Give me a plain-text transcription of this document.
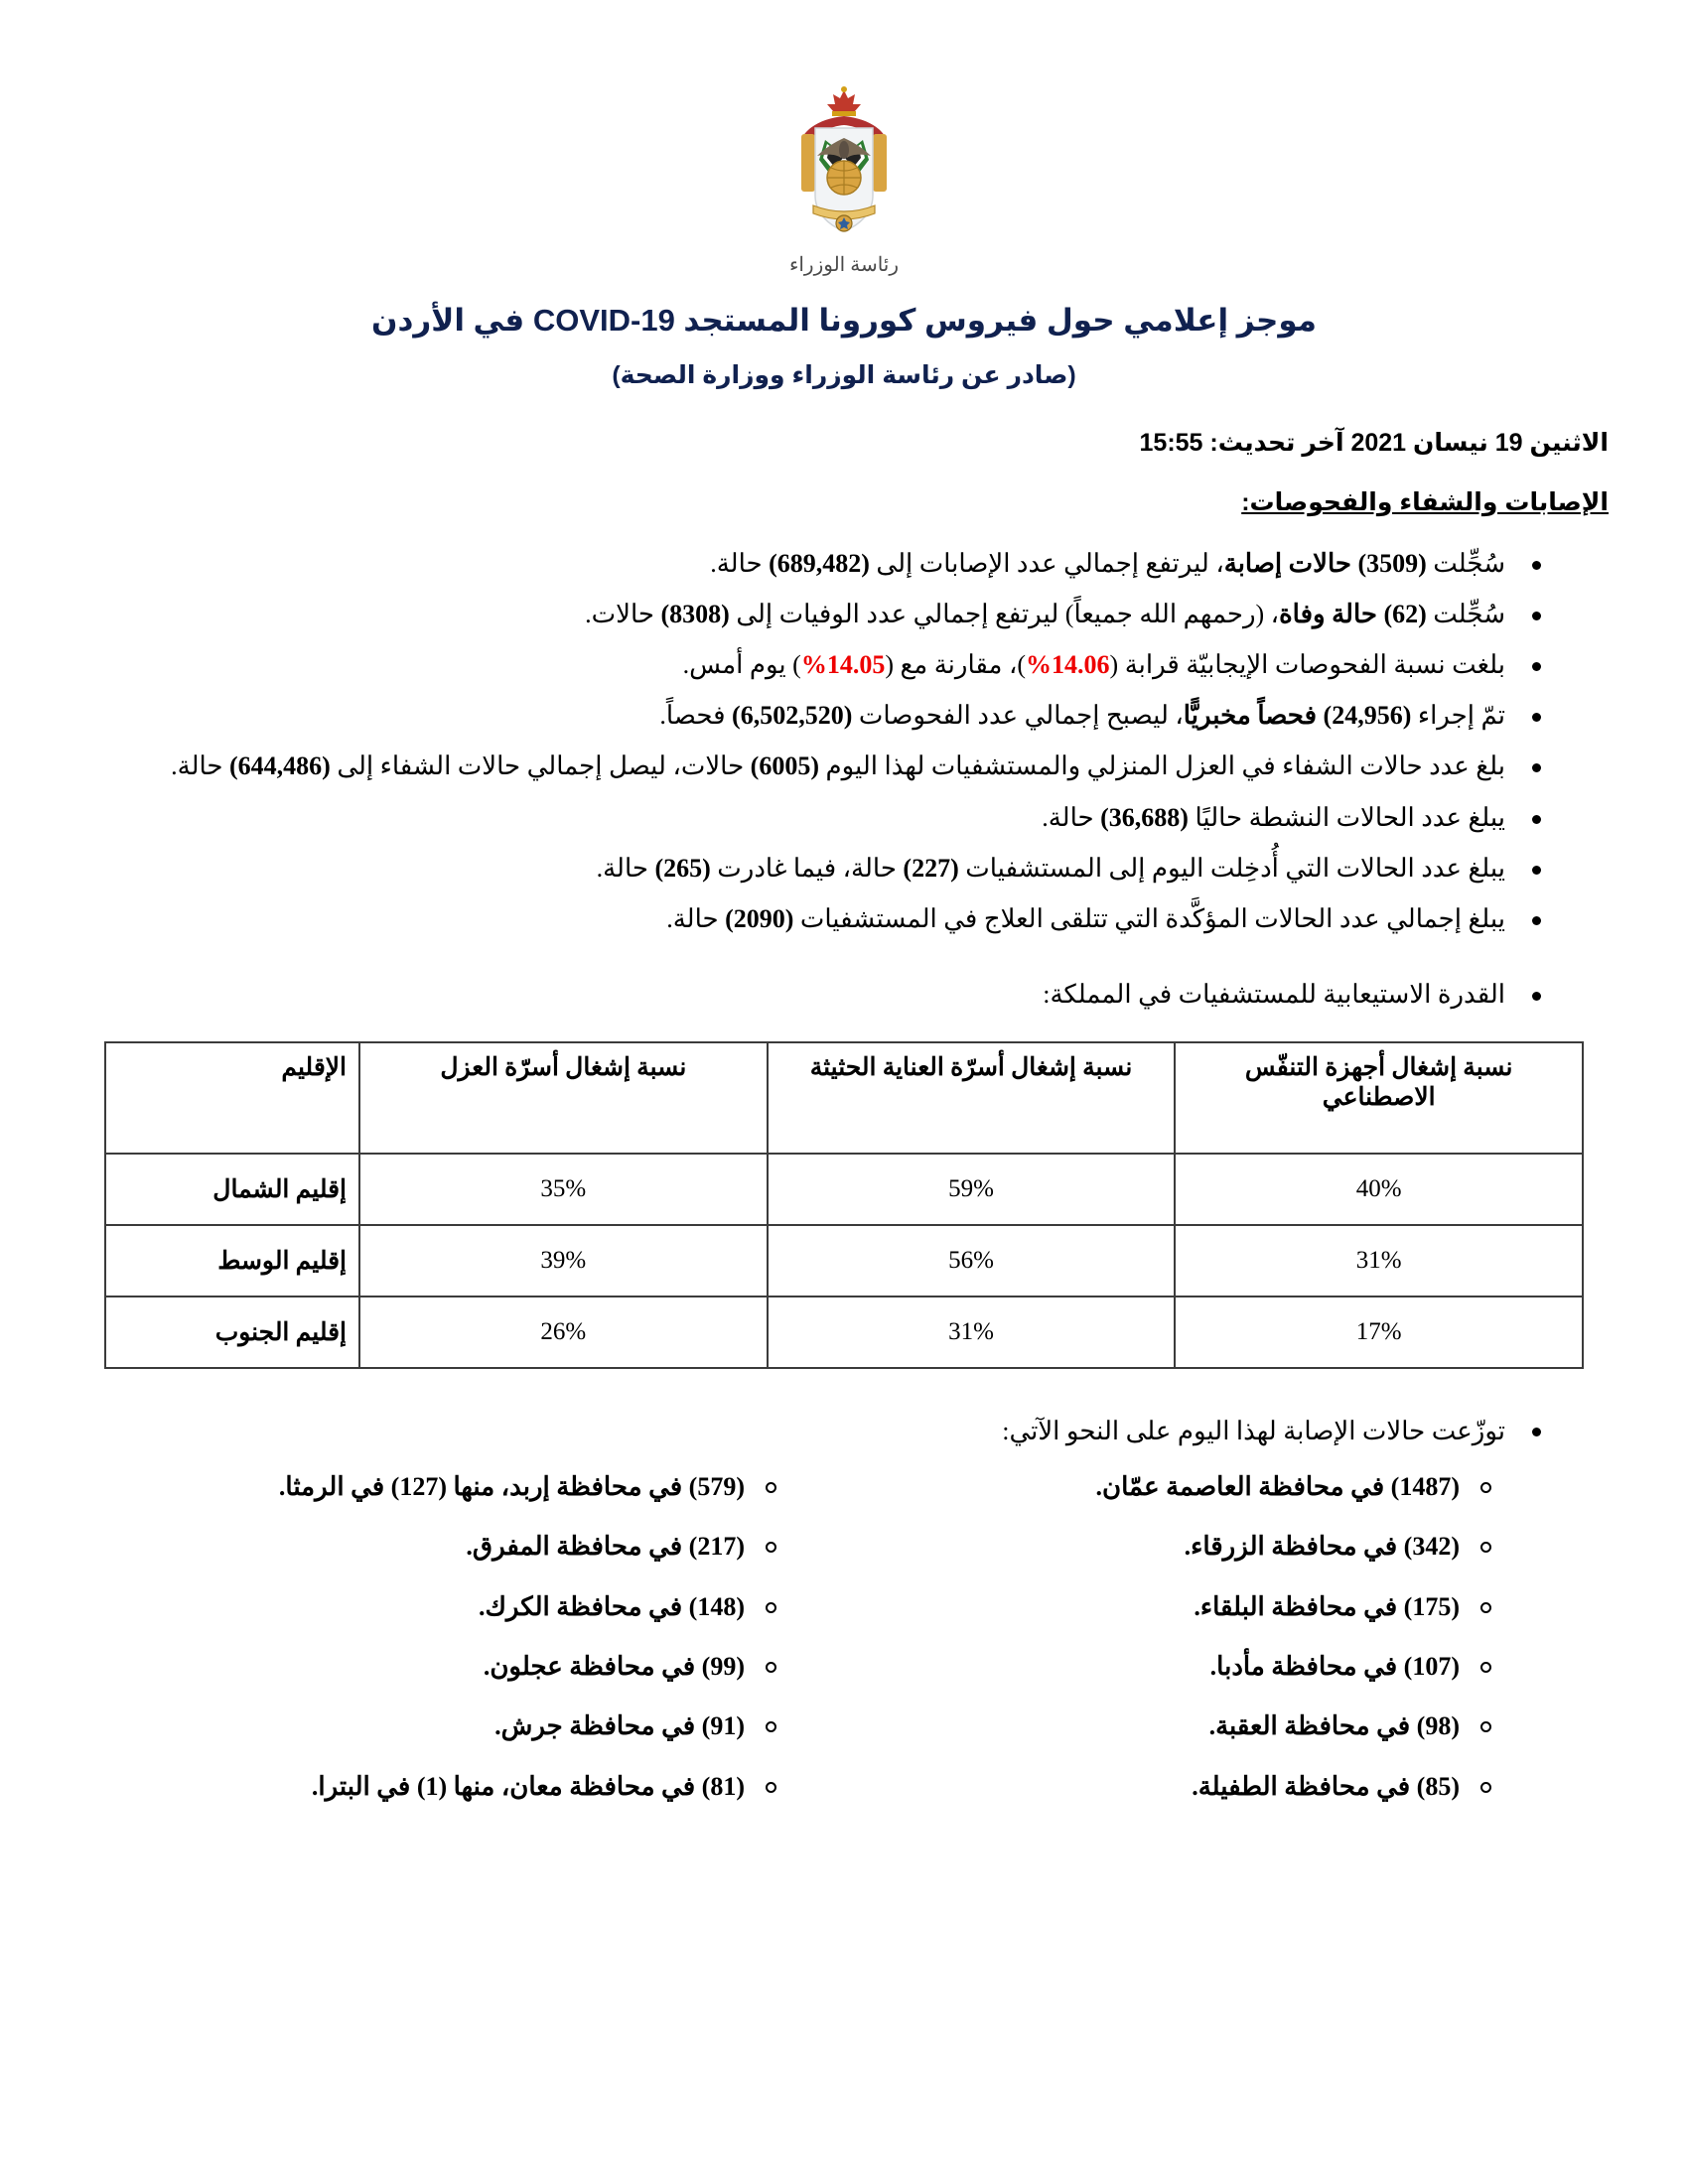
رئاسة الوزراء
موجز إعلامي حول فيروس كورونا المستجد COVID-19 في الأردن
(صادر عن رئاسة الوزراء ووزارة الصحة)
الاثنين 19 نيسان 2021 آخر تحديث: 15:55
الإصابات والشفاء والفحوصات:
سُجِّلت (3509) حالات إصابة، ليرتفع إجمالي عدد الإصابات إلى (689,482) حالة.
سُجِّلت (62) حالة وفاة، (رحمهم الله جميعاً) ليرتفع إجمالي عدد الوفيات إلى (8308) حالات.
بلغت نسبة الفحوصات الإيجابيّة قرابة (14.06%)، مقارنة مع (14.05%) يوم أمس.
تمّ إجراء (24,956) فحصاً مخبريًّا، ليصبح إجمالي عدد الفحوصات (6,502,520) فحصاً.
بلغ عدد حالات الشفاء في العزل المنزلي والمستشفيات لهذا اليوم (6005) حالات، ليصل إجمالي حالات الشفاء إلى (644,486) حالة.
يبلغ عدد الحالات النشطة حاليًا (36,688) حالة.
يبلغ عدد الحالات التي أُدخِلت اليوم إلى المستشفيات (227) حالة، فيما غادرت (265) حالة.
يبلغ إجمالي عدد الحالات المؤكَّدة التي تتلقى العلاج في المستشفيات (2090) حالة.
القدرة الاستيعابية للمستشفيات في المملكة:
نسبة إشغال أجهزة التنفّس الاصطناعي	نسبة إشغال أسرّة العناية الحثيثة	نسبة إشغال أسرّة العزل	الإقليم
40%	59%	35%	إقليم الشمال
31%	56%	39%	إقليم الوسط
17%	31%	26%	إقليم الجنوب
توزّعت حالات الإصابة لهذا اليوم على النحو الآتي:
(1487) في محافظة العاصمة عمّان.
(342) في محافظة الزرقاء.
(175) في محافظة البلقاء.
(107) في محافظة مأدبا.
(98) في محافظة العقبة.
(85) في محافظة الطفيلة.
(579) في محافظة إربد، منها (127) في الرمثا.
(217) في محافظة المفرق.
(148) في محافظة الكرك.
(99) في محافظة عجلون.
(91) في محافظة جرش.
(81) في محافظة معان، منها (1) في البترا.
